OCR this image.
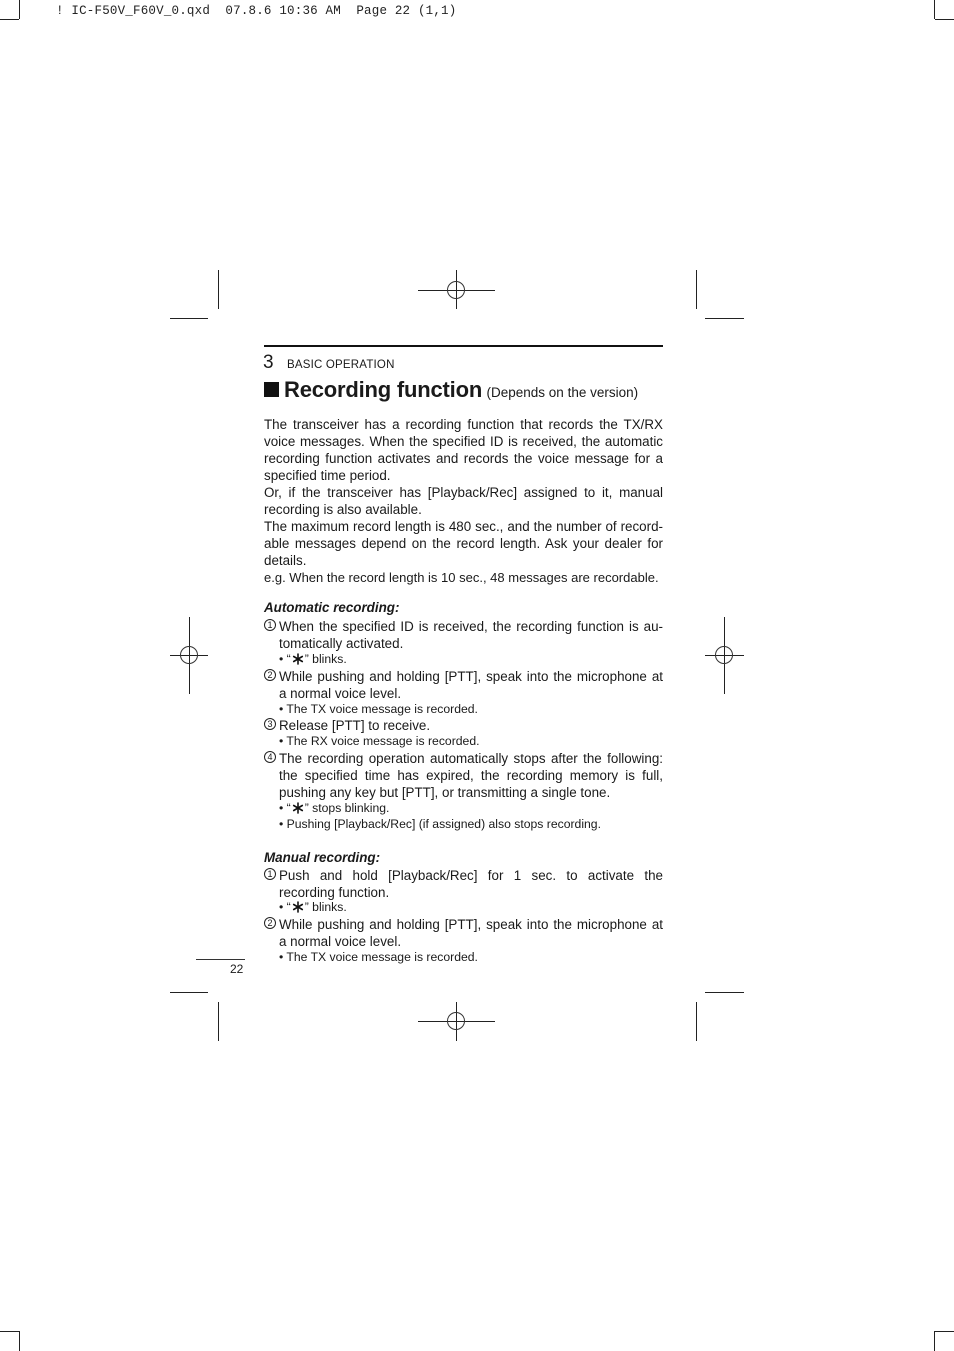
! IC-F50V_F60V_0.qxd  07.8.6 10:36 AM  Page 22 (1,1)
3 BASIC OPERATION
Recording function (Depends on the version)

The transceiver has a recording function that records the TX/RX voice messages. When the specified ID is received, the automatic recording function activates and records the voice message for a specified time period.

Or, if the transceiver has [Playback/Rec] assigned to it, manual recording is also available.

The maximum record length is 480 sec., and the number of record-able messages depend on the record length. Ask your dealer for details.

e.g. When the record length is 10 sec., 48 messages are recordable.

Automatic recording:
1 When the specified ID is received, the recording function is au-tomatically activated.
• “ ” blinks.
2 While pushing and holding [PTT], speak into the microphone at a normal voice level.
• The TX voice message is recorded.
3 Release [PTT] to receive.
• The RX voice message is recorded.
4 The recording operation automatically stops after the following: the specified time has expired, the recording memory is full, pushing any key but [PTT], or transmitting a single tone.
• “ ” stops blinking.
• Pushing [Playback/Rec] (if assigned) also stops recording.
Manual recording:
1 Push and hold [Playback/Rec] for 1 sec. to activate the recording function.
• “ ” blinks.
2 While pushing and holding [PTT], speak into the microphone at a normal voice level.
• The TX voice message is recorded.
22
